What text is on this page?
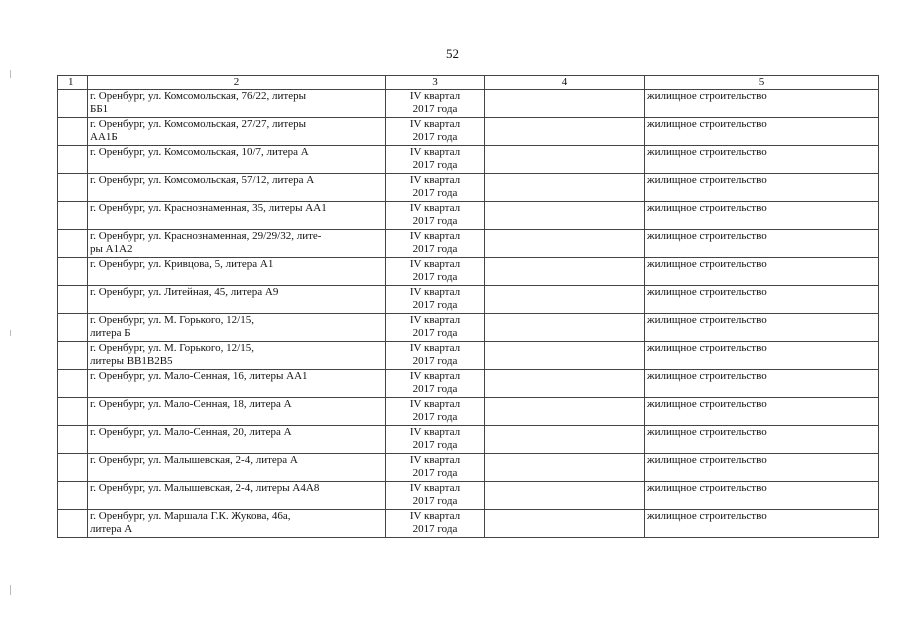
52
1	2	3	4	5

	г. Оренбург, ул. Комсомольская, 76/22, литеры
ББ1	IV квартал
2017 года		жилищное строительство

	г. Оренбург, ул. Комсомольская, 27/27, литеры
АА1Б	IV квартал
2017 года		жилищное строительство

	г. Оренбург, ул. Комсомольская, 10/7, литера А	IV квартал
2017 года		жилищное строительство

	г. Оренбург, ул. Комсомольская, 57/12, литера А	IV квартал
2017 года		жилищное строительство

	г. Оренбург, ул. Краснознаменная, 35, литеры АА1	IV квартал
2017 года		жилищное строительство

	г. Оренбург, ул. Краснознаменная, 29/29/32, лите-
ры А1А2	IV квартал
2017 года		жилищное строительство

	г. Оренбург, ул. Кривцова, 5, литера А1	IV квартал
2017 года		жилищное строительство

	г. Оренбург, ул. Литейная, 45, литера А9	IV квартал
2017 года		жилищное строительство

	г. Оренбург, ул. М. Горького, 12/15,
литера Б	IV квартал
2017 года		жилищное строительство

	г. Оренбург, ул. М. Горького, 12/15,
литеры ВВ1В2В5	IV квартал
2017 года		жилищное строительство

	г. Оренбург, ул. Мало-Сенная, 16, литеры АА1	IV квартал
2017 года		жилищное строительство

	г. Оренбург, ул. Мало-Сенная, 18, литера А	IV квартал
2017 года		жилищное строительство

	г. Оренбург, ул. Мало-Сенная, 20, литера А	IV квартал
2017 года		жилищное строительство

	г. Оренбург, ул. Малышевская, 2-4, литера А	IV квартал
2017 года		жилищное строительство

	г. Оренбург, ул. Малышевская, 2-4, литеры А4А8	IV квартал
2017 года		жилищное строительство

	г. Оренбург, ул. Маршала Г.К. Жукова, 46а,
литера А	IV квартал
2017 года		жилищное строительство
